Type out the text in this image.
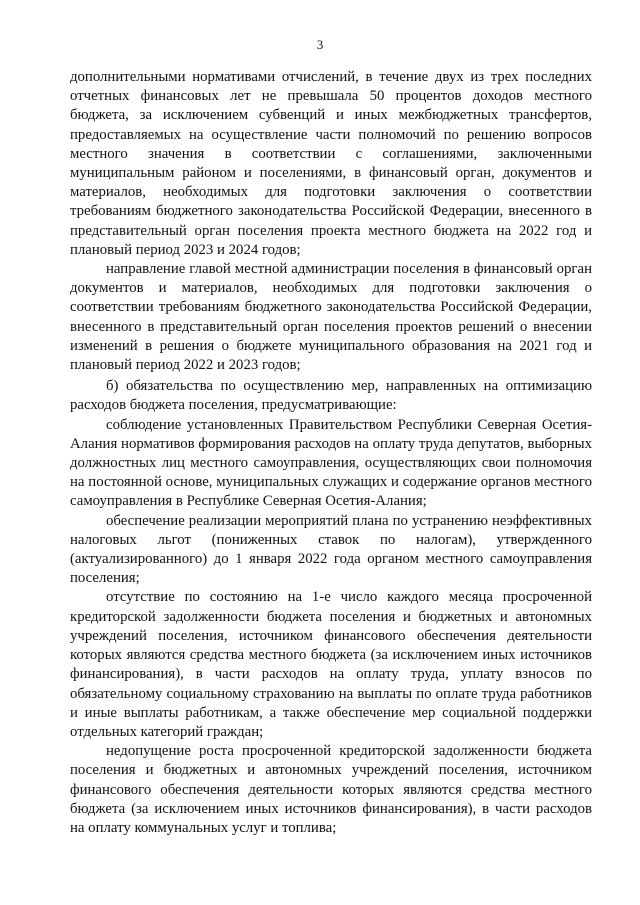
3

дополнительными нормативами отчислений, в течение двух из трех последних отчетных финансовых лет не превышала 50 процентов доходов местного бюджета, за исключением субвенций и иных межбюджетных трансфертов, предоставляемых на осуществление части полномочий по решению вопросов местного значения в соответствии с соглашениями, заключенными муниципальным районом и поселениями, в финансовый орган, документов и материалов, необходимых для подготовки заключения о соответствии требованиям бюджетного законодательства Российской Федерации, внесенного в представительный орган поселения проекта местного бюджета на 2022 год и плановый период 2023 и 2024 годов;

направление главой местной администрации поселения в финансовый орган документов и материалов, необходимых для подготовки заключения о соответствии требованиям бюджетного законодательства Российской Федерации, внесенного в представительный орган поселения проектов решений о внесении изменений в решения о бюджете муниципального образования на 2021 год и плановый период 2022 и 2023 годов;

б) обязательства по осуществлению мер, направленных на оптимизацию расходов бюджета поселения, предусматривающие:

соблюдение установленных Правительством Республики Северная Осетия-Алания нормативов формирования расходов на оплату труда депутатов, выборных должностных лиц местного самоуправления, осуществляющих свои полномочия на постоянной основе, муниципальных служащих и содержание органов местного самоуправления в Республике Северная Осетия-Алания;

обеспечение реализации мероприятий плана по устранению неэффективных налоговых льгот (пониженных ставок по налогам), утвержденного (актуализированного) до 1 января 2022 года органом местного самоуправления поселения;

отсутствие по состоянию на 1-е число каждого месяца просроченной кредиторской задолженности бюджета поселения и бюджетных и автономных учреждений поселения, источником финансового обеспечения деятельности которых являются средства местного бюджета (за исключением иных источников финансирования), в части расходов на оплату труда, уплату взносов по обязательному социальному страхованию на выплаты по оплате труда работников и иные выплаты работникам, а также обеспечение мер социальной поддержки отдельных категорий граждан;

недопущение роста просроченной кредиторской задолженности бюджета поселения и бюджетных и автономных учреждений поселения, источником финансового обеспечения деятельности которых являются средства местного бюджета (за исключением иных источников финансирования), в части расходов на оплату коммунальных услуг и топлива;
